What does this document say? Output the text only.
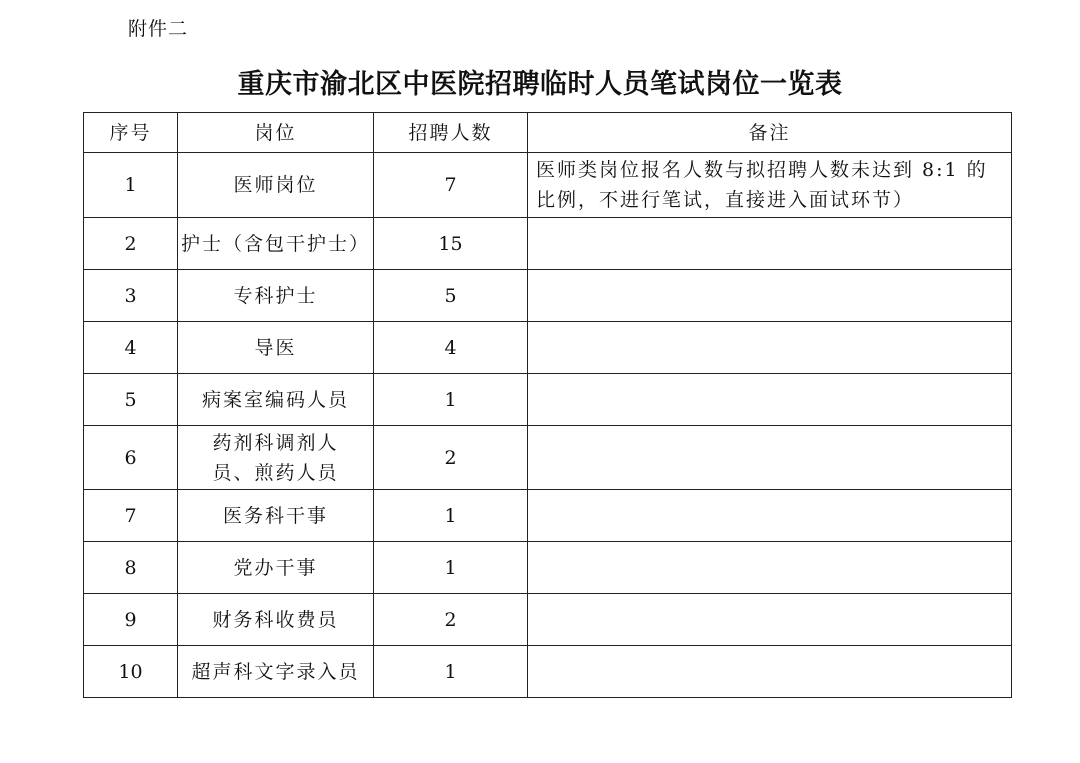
附件二
重庆市渝北区中医院招聘临时人员笔试岗位一览表
序号	岗位	招聘人数	备注
1	医师岗位	7	医师类岗位报名人数与拟招聘人数未达到 8:1 的比例，不进行笔试，直接进入面试环节）
2	护士（含包干护士）	15	
3	专科护士	5	
4	导医	4	
5	病案室编码人员	1	
6	药剂科调剂人员、煎药人员	2	
7	医务科干事	1	
8	党办干事	1	
9	财务科收费员	2	
10	超声科文字录入员	1	
